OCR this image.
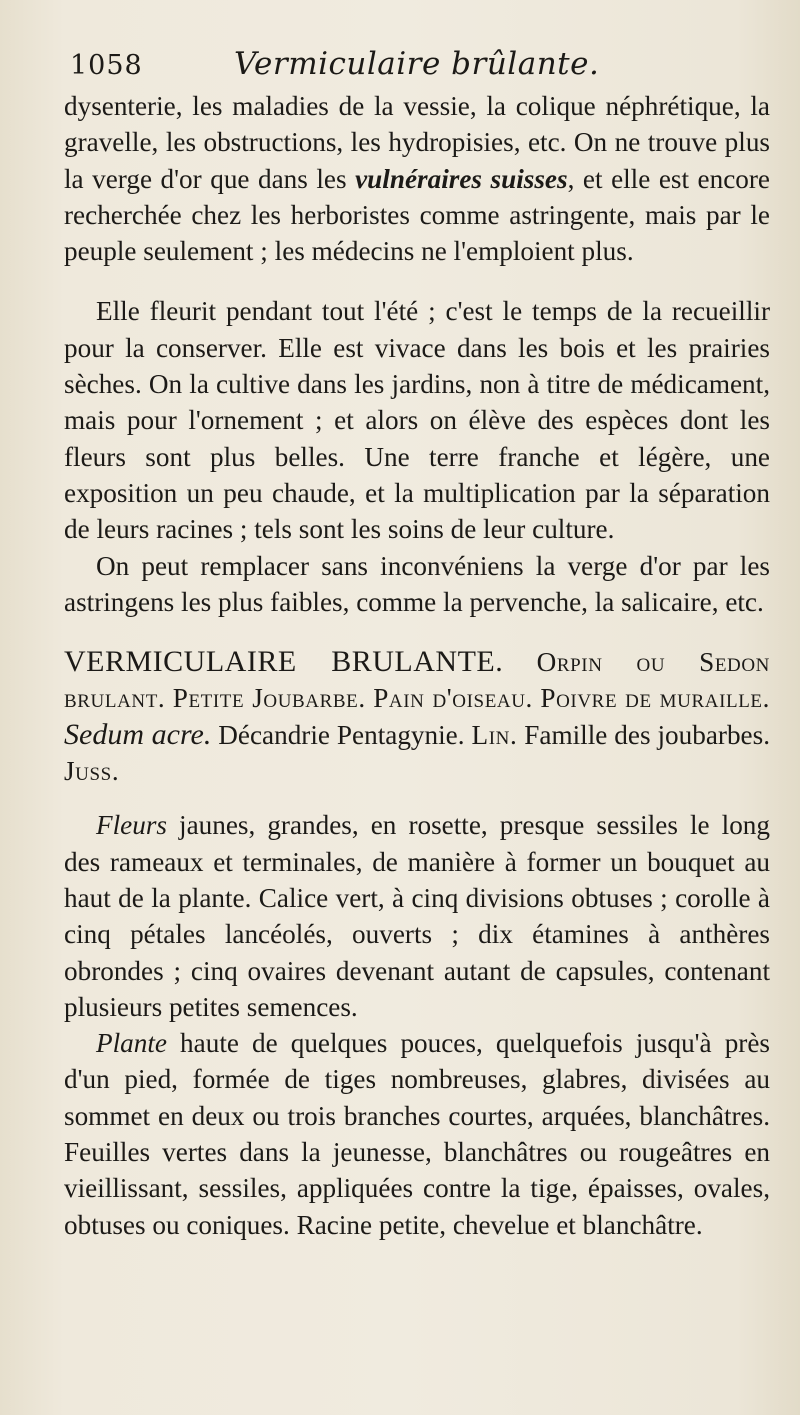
1058	Vermiculaire brûlante.

dysenterie, les maladies de la vessie, la colique néphrétique, la gravelle, les obstructions, les hydropisies, etc. On ne trouve plus la verge d'or que dans les vulnéraires suisses, et elle est encore recherchée chez les herboristes comme astringente, mais par le peuple seulement ; les médecins ne l'emploient plus.

Elle fleurit pendant tout l'été ; c'est le temps de la recueillir pour la conserver. Elle est vivace dans les bois et les prairies sèches. On la cultive dans les jardins, non à titre de médicament, mais pour l'ornement ; et alors on élève des espèces dont les fleurs sont plus belles. Une terre franche et légère, une exposition un peu chaude, et la multiplication par la séparation de leurs racines ; tels sont les soins de leur culture.

On peut remplacer sans inconvéniens la verge d'or par les astringens les plus faibles, comme la pervenche, la salicaire, etc.

VERMICULAIRE BRULANTE. Orpin ou Sedon brulant. Petite Joubarbe. Pain d'oiseau. Poivre de muraille. Sedum acre. Décandrie Pentagynie. Lin. Famille des joubarbes. Juss.

Fleurs jaunes, grandes, en rosette, presque sessiles le long des rameaux et terminales, de manière à former un bouquet au haut de la plante. Calice vert, à cinq divisions obtuses ; corolle à cinq pétales lancéolés, ouverts ; dix étamines à anthères obrondes ; cinq ovaires devenant autant de capsules, contenant plusieurs petites semences.

Plante haute de quelques pouces, quelquefois jusqu'à près d'un pied, formée de tiges nombreuses, glabres, divisées au sommet en deux ou trois branches courtes, arquées, blanchâtres. Feuilles vertes dans la jeunesse, blanchâtres ou rougeâtres en vieillissant, sessiles, appliquées contre la tige, épaisses, ovales, obtuses ou coniques. Racine petite, chevelue et blanchâtre.
